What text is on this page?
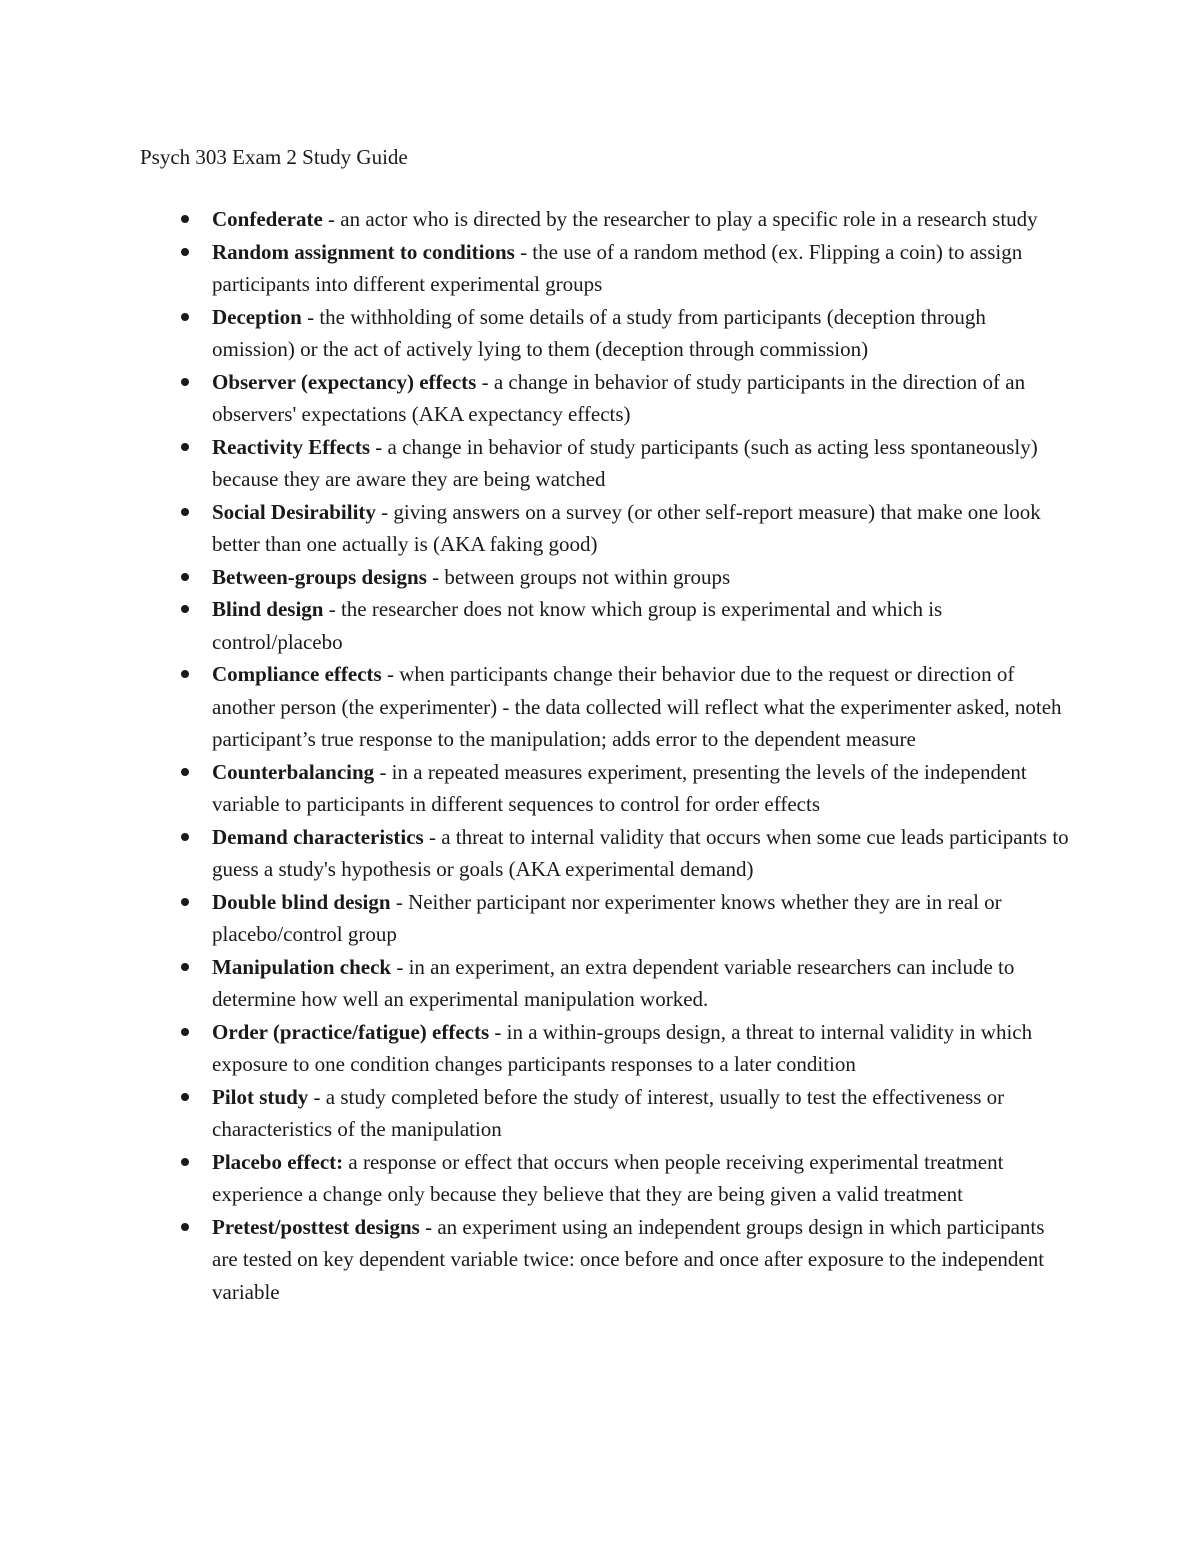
Psych 303 Exam 2 Study Guide
Confederate - an actor who is directed by the researcher to play a specific role in a research study
Random assignment to conditions - the use of a random method (ex. Flipping a coin) to assign participants into different experimental groups
Deception - the withholding of some details of a study from participants (deception through omission) or the act of actively lying to them (deception through commission)
Observer (expectancy) effects - a change in behavior of study participants in the direction of an observers' expectations (AKA expectancy effects)
Reactivity Effects - a change in behavior of study participants (such as acting less spontaneously) because they are aware they are being watched
Social Desirability - giving answers on a survey (or other self-report measure) that make one look better than one actually is (AKA faking good)
Between-groups designs - between groups not within groups
Blind design - the researcher does not know which group is experimental and which is control/placebo
Compliance effects - when participants change their behavior due to the request or direction of another person (the experimenter) - the data collected will reflect what the experimenter asked, noteh participant’s true response to the manipulation; adds error to the dependent measure
Counterbalancing - in a repeated measures experiment, presenting the levels of the independent variable to participants in different sequences to control for order effects
Demand characteristics - a threat to internal validity that occurs when some cue leads participants to guess a study's hypothesis or goals (AKA experimental demand)
Double blind design - Neither participant nor experimenter knows whether they are in real or placebo/control group
Manipulation check - in an experiment, an extra dependent variable researchers can include to determine how well an experimental manipulation worked.
Order (practice/fatigue) effects - in a within-groups design, a threat to internal validity in which exposure to one condition changes participants responses to a later condition
Pilot study - a study completed before the study of interest, usually to test the effectiveness or characteristics of the manipulation
Placebo effect: a response or effect that occurs when people receiving experimental treatment experience a change only because they believe that they are being given a valid treatment
Pretest/posttest designs - an experiment using an independent groups design in which participants are tested on key dependent variable twice: once before and once after exposure to the independent variable
